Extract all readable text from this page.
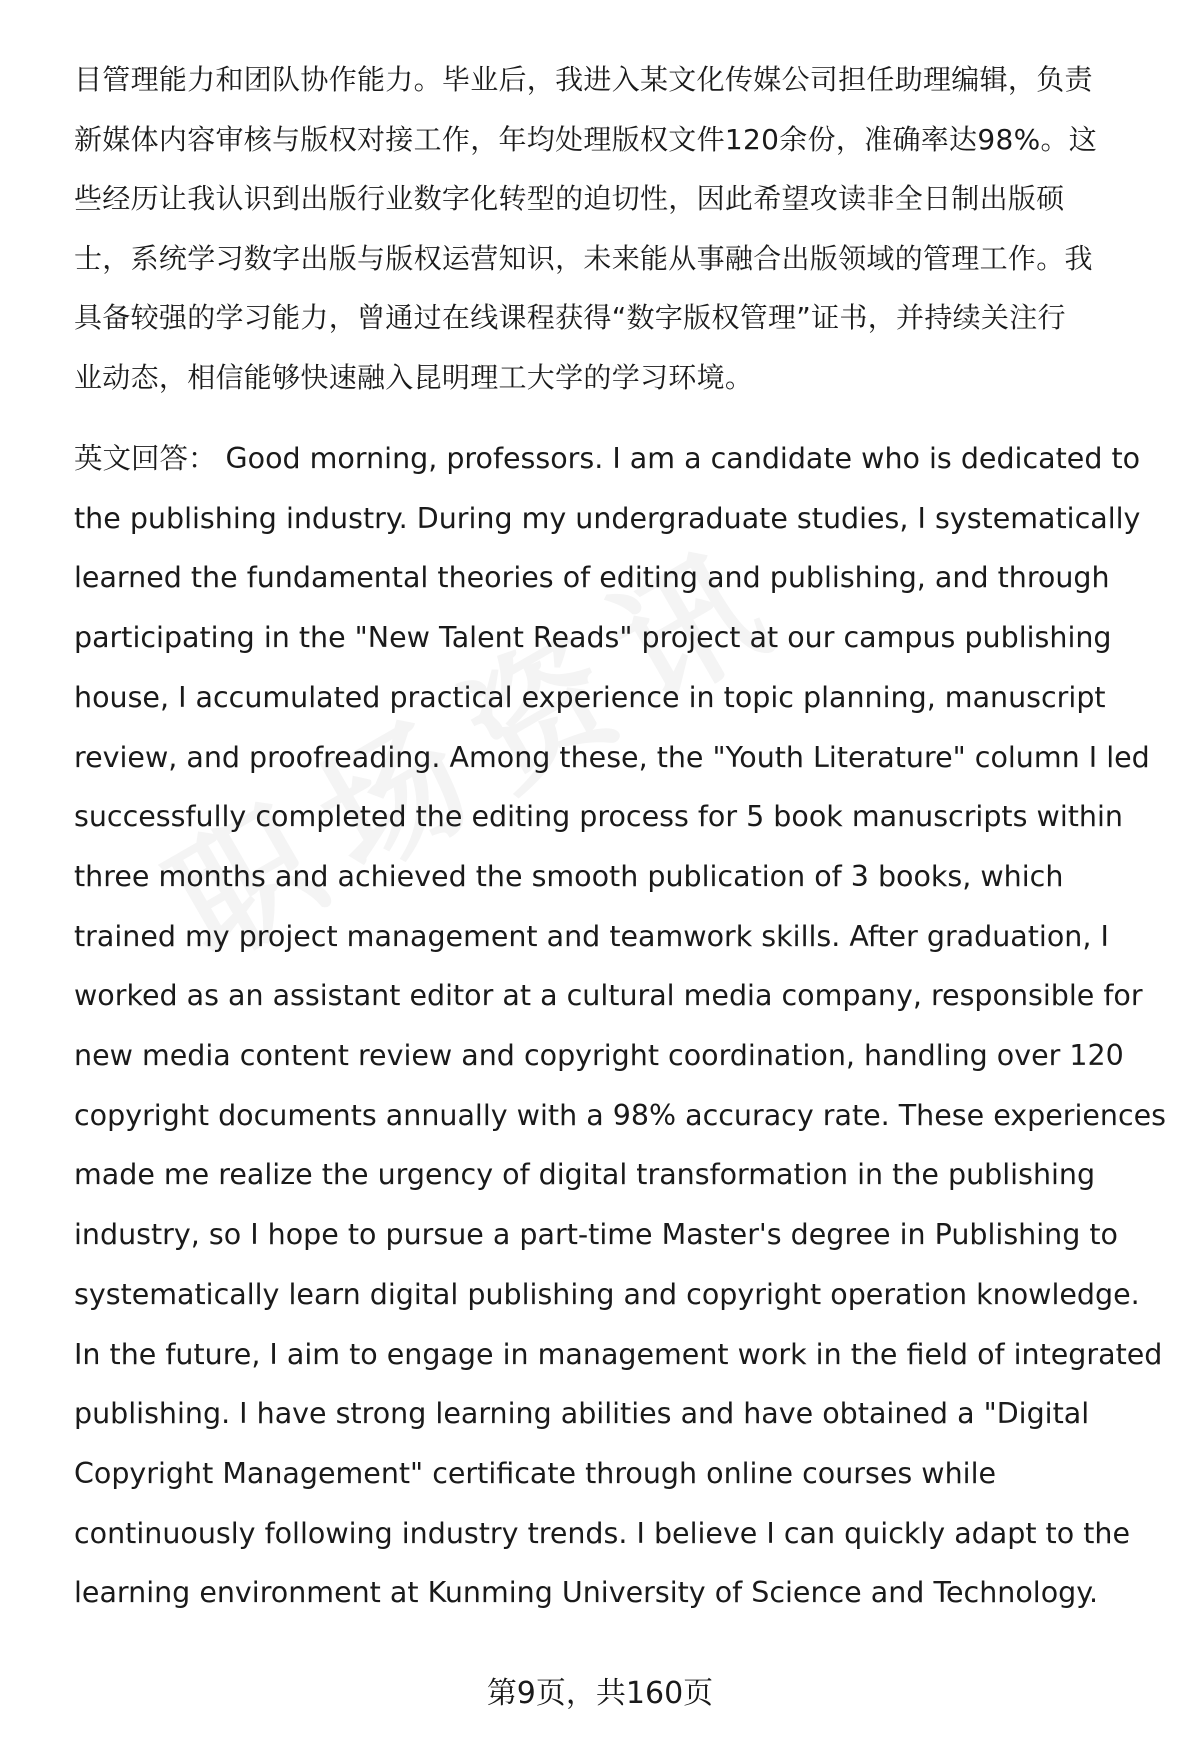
目管理能力和团队协作能力。毕业后，我进入某文化传媒公司担任助理编辑，负责
新媒体内容审核与版权对接工作，年均处理版权文件120余份，准确率达98%。这
些经历让我认识到出版行业数字化转型的迫切性，因此希望攻读非全日制出版硕
士，系统学习数字出版与版权运营知识，未来能从事融合出版领域的管理工作。我
具备较强的学习能力，曾通过在线课程获得“数字版权管理”证书，并持续关注行
业动态，相信能够快速融入昆明理工大学的学习环境。

英文回答： Good morning, professors. I am a candidate who is dedicated to
the publishing industry. During my undergraduate studies, I systematically
learned the fundamental theories of editing and publishing, and through
participating in the "New Talent Reads" project at our campus publishing
house, I accumulated practical experience in topic planning, manuscript
review, and proofreading. Among these, the "Youth Literature" column I led
successfully completed the editing process for 5 book manuscripts within
three months and achieved the smooth publication of 3 books, which
trained my project management and teamwork skills. After graduation, I
worked as an assistant editor at a cultural media company, responsible for
new media content review and copyright coordination, handling over 120
copyright documents annually with a 98% accuracy rate. These experiences
made me realize the urgency of digital transformation in the publishing
industry, so I hope to pursue a part-time Master's degree in Publishing to
systematically learn digital publishing and copyright operation knowledge.
In the future, I aim to engage in management work in the field of integrated
publishing. I have strong learning abilities and have obtained a "Digital
Copyright Management" certificate through online courses while
continuously following industry trends. I believe I can quickly adapt to the
learning environment at Kunming University of Science and Technology.

第9页，共160页
